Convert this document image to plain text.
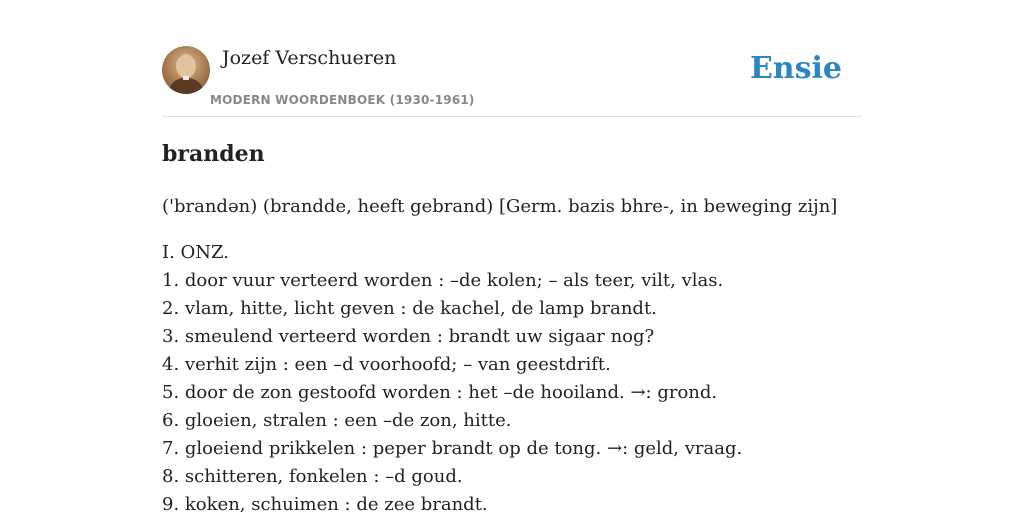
Jozef Verschueren
MODERN WOORDENBOEK (1930-1961)
Ensie
branden
('brandən) (brandde, heeft gebrand) [Germ. bazis bhre-, in beweging zijn]
I. ONZ.
1. door vuur verteerd worden : –de kolen; – als teer, vilt, vlas.
2. vlam, hitte, licht geven : de kachel, de lamp brandt.
3. smeulend verteerd worden : brandt uw sigaar nog?
4. verhit zijn : een –d voorhoofd; – van geestdrift.
5. door de zon gestoofd worden : het –de hooiland. →: grond.
6. gloeien, stralen : een –de zon, hitte.
7. gloeiend prikkelen : peper brandt op de tong. →: geld, vraag.
8. schitteren, fonkelen : –d goud.
9. koken, schuimen : de zee brandt.
